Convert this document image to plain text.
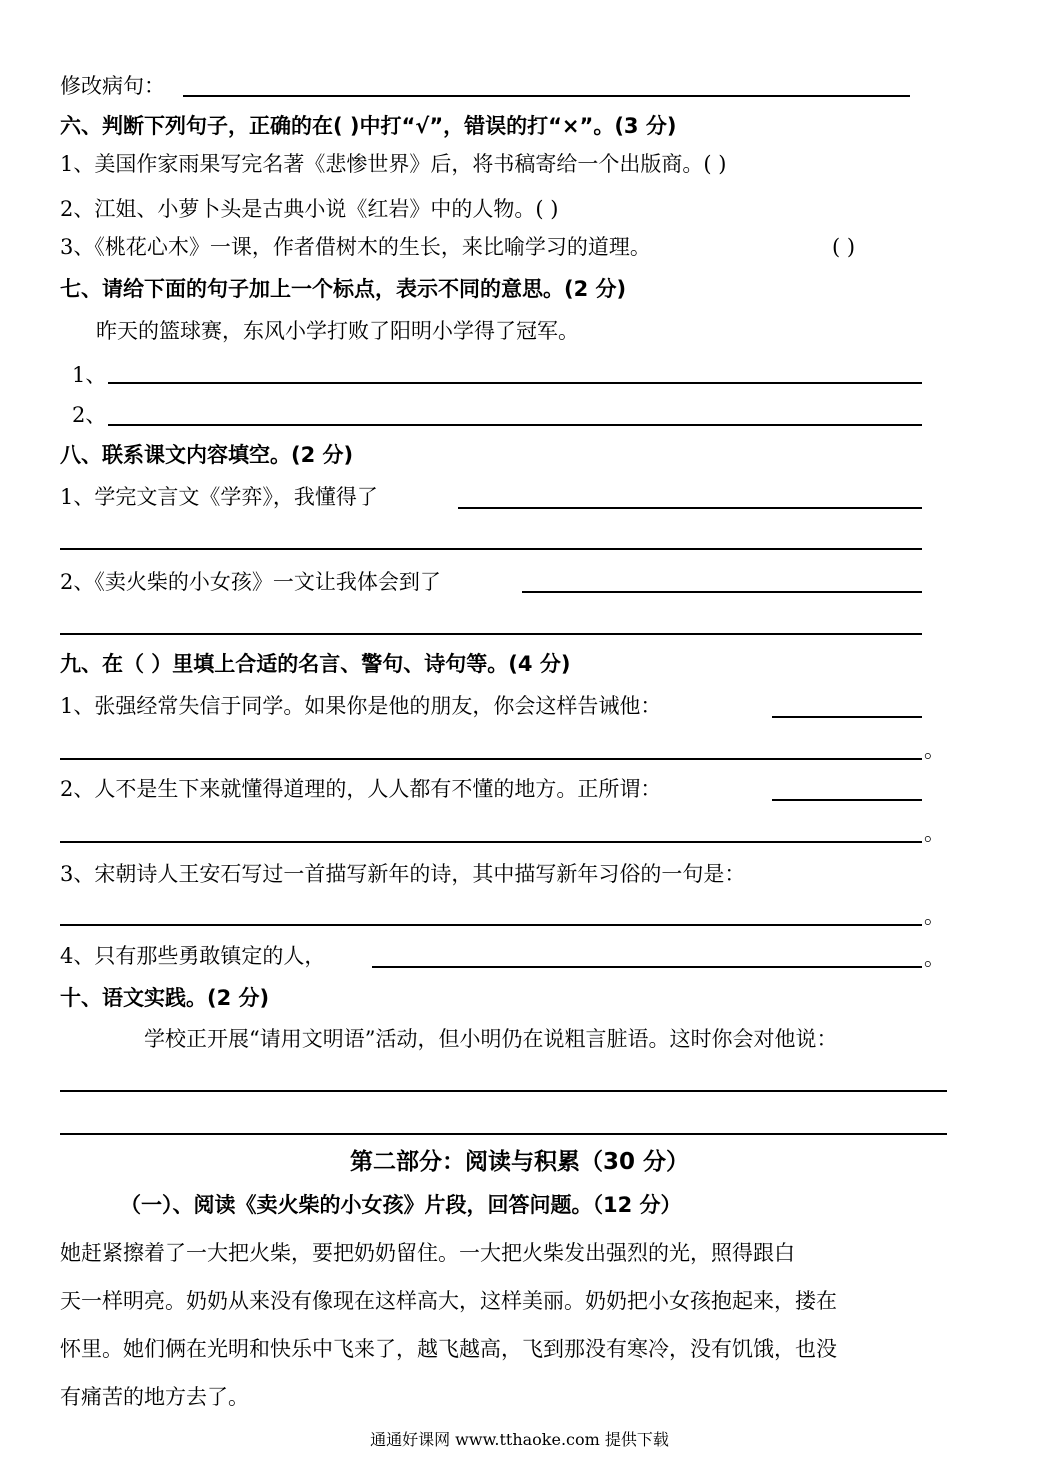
修改病句：
六、判断下列句子，正确的在( )中打“√”，错误的打“×”。(3 分)
1、美国作家雨果写完名著《悲惨世界》后，将书稿寄给一个出版商。( )
2、江姐、小萝卜头是古典小说《红岩》中的人物。( )
3、《桃花心木》一课，作者借树木的生长，来比喻学习的道理。	( )
七、请给下面的句子加上一个标点，表示不同的意思。(2 分)
昨天的篮球赛，东风小学打败了阳明小学得了冠军。
1、
2、
八、联系课文内容填空。(2 分)
1、学完文言文《学弈》，我懂得了
2、《卖火柴的小女孩》一文让我体会到了
九、在（ ）里填上合适的名言、警句、诗句等。(4 分)
1、张强经常失信于同学。如果你是他的朋友，你会这样告诫他：
。
2、人不是生下来就懂得道理的，人人都有不懂的地方。正所谓：
。
3、宋朝诗人王安石写过一首描写新年的诗，其中描写新年习俗的一句是：
。
4、只有那些勇敢镇定的人，	。
十、语文实践。(2 分)
学校正开展“请用文明语”活动，但小明仍在说粗言脏语。这时你会对他说：
第二部分：阅读与积累（30 分）
（一）、阅读《卖火柴的小女孩》片段，回答问题。（12 分）
她赶紧擦着了一大把火柴，要把奶奶留住。一大把火柴发出强烈的光，照得跟白
天一样明亮。奶奶从来没有像现在这样高大，这样美丽。奶奶把小女孩抱起来，搂在
怀里。她们俩在光明和快乐中飞来了，越飞越高，飞到那没有寒冷，没有饥饿，也没
有痛苦的地方去了。
通通好课网 www.tthaoke.com 提供下载
